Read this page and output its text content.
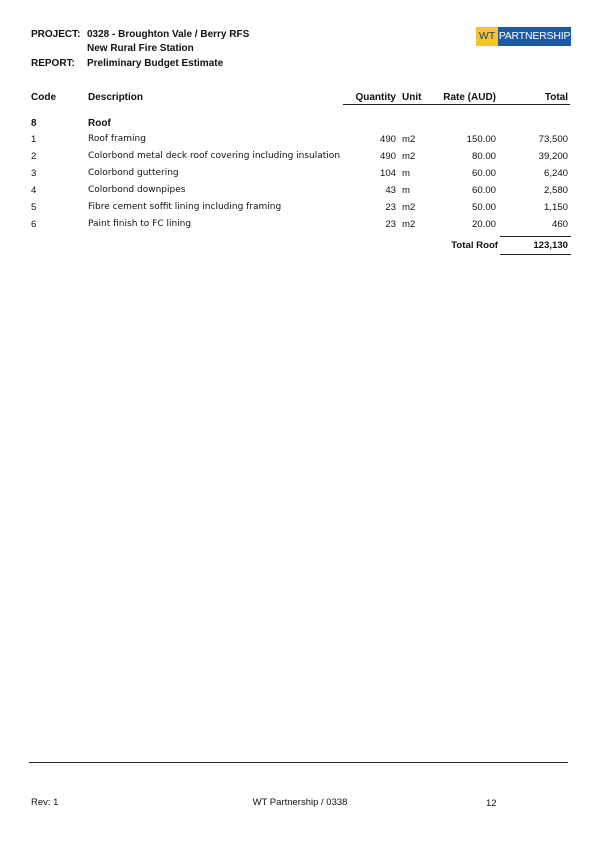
PROJECT: 0328 - Broughton Vale / Berry RFS
New Rural Fire Station
REPORT: Preliminary Budget Estimate
WT PARTNERSHIP
Code	Description	Quantity Unit	Rate (AUD)	Total
8	Roof
1	Roof framing	490 m2	150.00	73,500
2	Colorbond metal deck roof covering including insulation	490 m2	80.00	39,200
3	Colorbond guttering	104 m	60.00	6,240
4	Colorbond downpipes	43 m	60.00	2,580
5	Fibre cement soffit lining including framing	23 m2	50.00	1,150
6	Paint finish to FC lining	23 m2	20.00	460
Total Roof	123,130
Rev: 1	WT Partnership / 0338	12
